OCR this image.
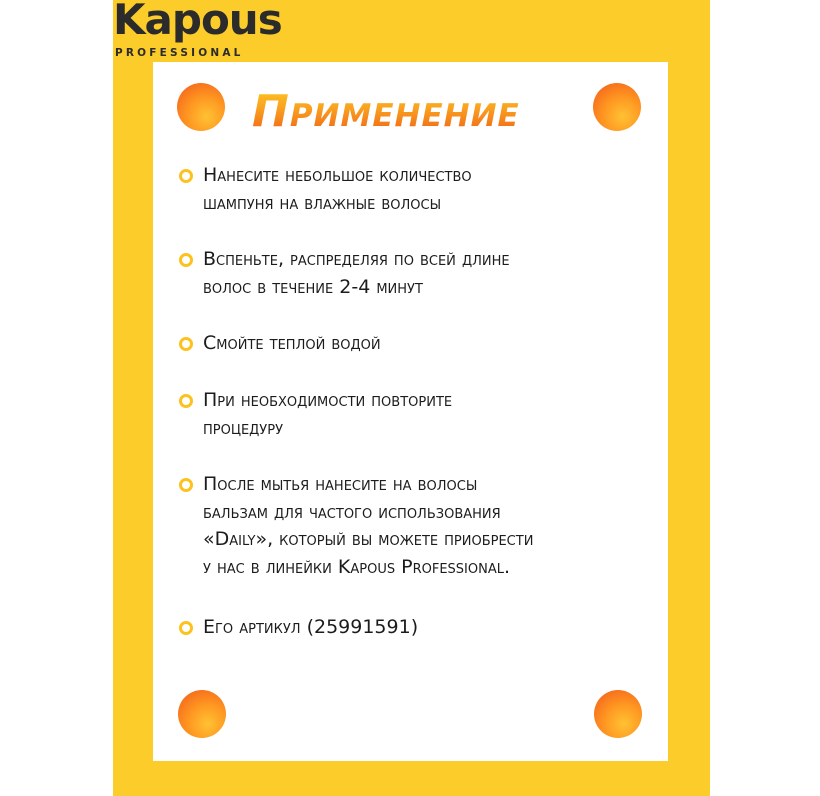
Kapous
PROFESSIONAL
Применение
Нанесите небольшое количество
шампуня на влажные волосы
Вспеньте, распределяя по всей длине
волос в течение 2-4 минут
Смойте теплой водой
При необходимости повторите
процедуру
После мытья нанесите на волосы
бальзам для частого использования
«Daily», который вы можете приобрести
у нас в линейки Kapous Professional.
Его артикул (25991591)
